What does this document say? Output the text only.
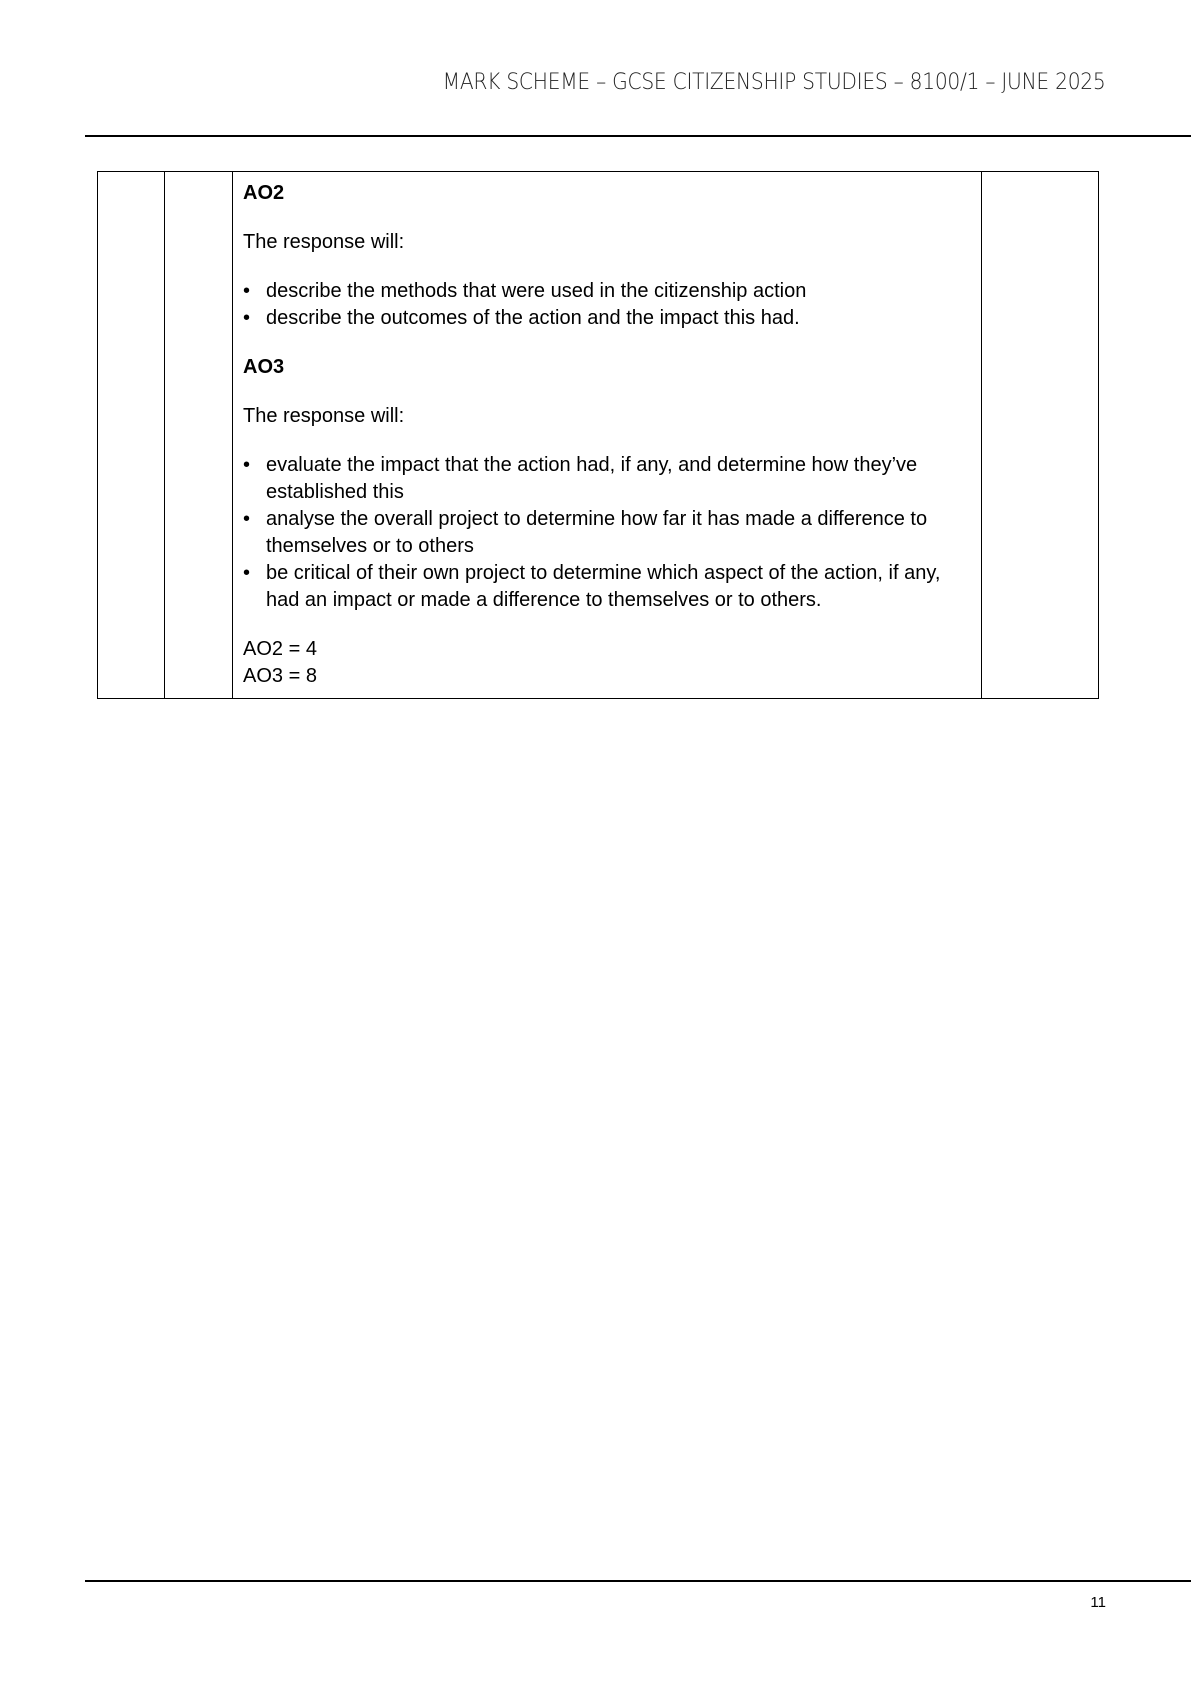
MARK SCHEME – GCSE CITIZENSHIP STUDIES – 8100/1 – JUNE 2025

AO2

The response will:

• describe the methods that were used in the citizenship action
• describe the outcomes of the action and the impact this had.

AO3

The response will:

• evaluate the impact that the action had, if any, and determine how they’ve established this
• analyse the overall project to determine how far it has made a difference to themselves or to others
• be critical of their own project to determine which aspect of the action, if any, had an impact or made a difference to themselves or to others.

AO2 = 4

AO3 = 8

11
